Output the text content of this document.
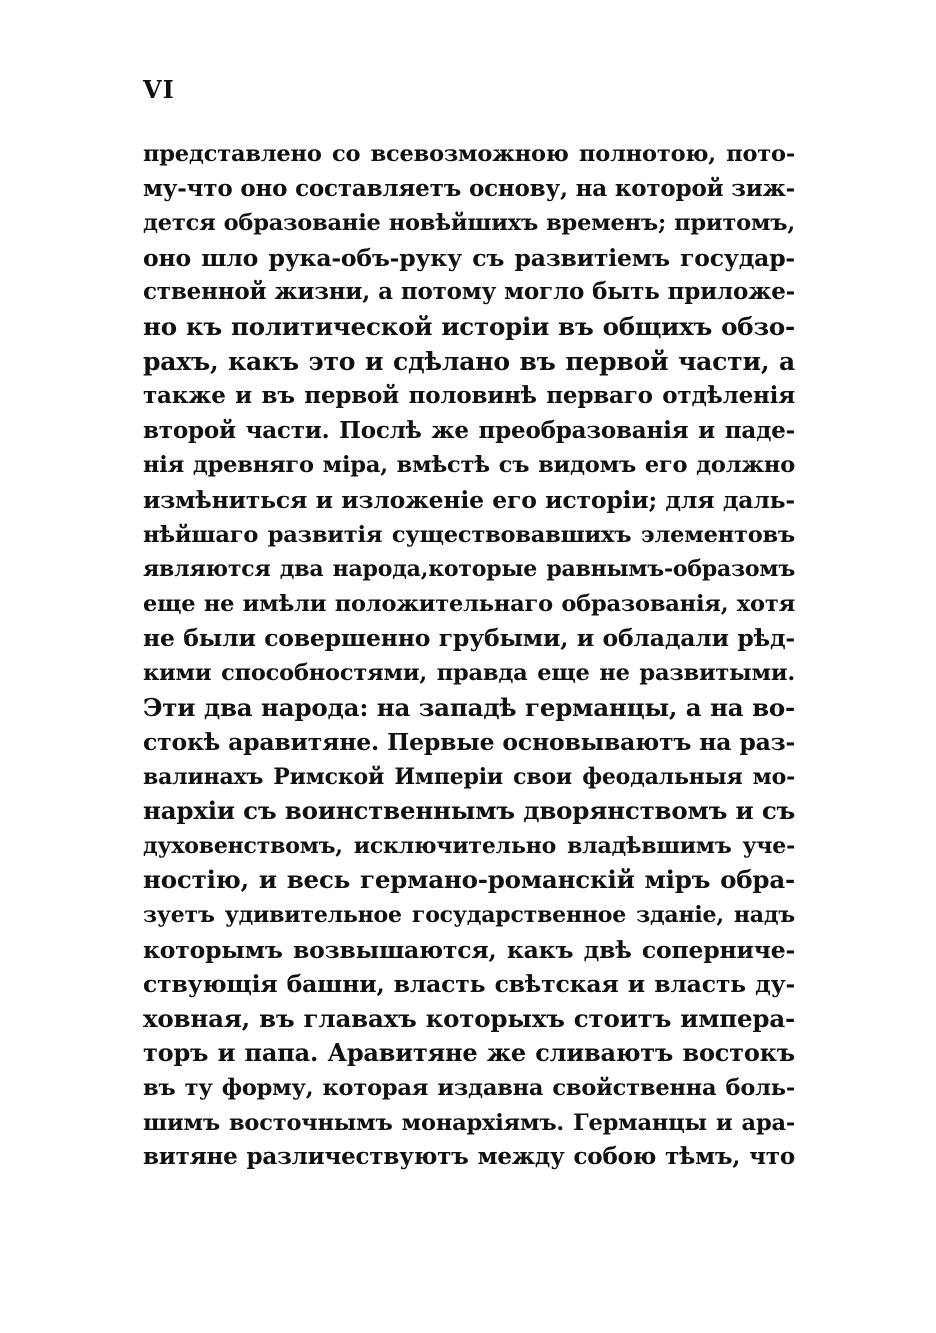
VI
представлено со всевозможною полнотою, пото-
му-что оно составляетъ основу, на которой зиж-
дется образованіе новѣйшихъ временъ; притомъ,
оно шло рука-объ-руку съ развитіемъ государ-
ственной жизни, а потому могло быть приложе-
но къ политической исторіи въ общихъ обзо-
рахъ, какъ это и сдѣлано въ первой части, а
также и въ первой половинѣ перваго отдѣленія
второй части. Послѣ же преобразованія и паде-
нія древняго міра, вмѣстѣ съ видомъ его должно
измѣниться и изложеніе его исторіи; для даль-
нѣйшаго развитія существовавшихъ элементовъ
являются два народа,которые равнымъ-образомъ
еще не имѣли положительнаго образованія, хотя
не были совершенно грубыми, и обладали рѣд-
кими способностями, правда еще не развитыми.
Эти два народа: на западѣ германцы, а на во-
стокѣ аравитяне. Первые основываютъ на раз-
валинахъ Римской Имперіи свои феодальныя мо-
нархіи съ воинственнымъ дворянствомъ и съ
духовенствомъ, исключительно владѣвшимъ уче-
ностію, и весь германо-романскій міръ обра-
зуетъ удивительное государственное зданіе, надъ
которымъ возвышаются, какъ двѣ соперниче-
ствующія башни, власть свѣтская и власть ду-
ховная, въ главахъ которыхъ стоитъ импера-
торъ и папа. Аравитяне же сливаютъ востокъ
въ ту форму, которая издавна свойственна боль-
шимъ восточнымъ монархіямъ. Германцы и ара-
витяне различествуютъ между собою тѣмъ, что
